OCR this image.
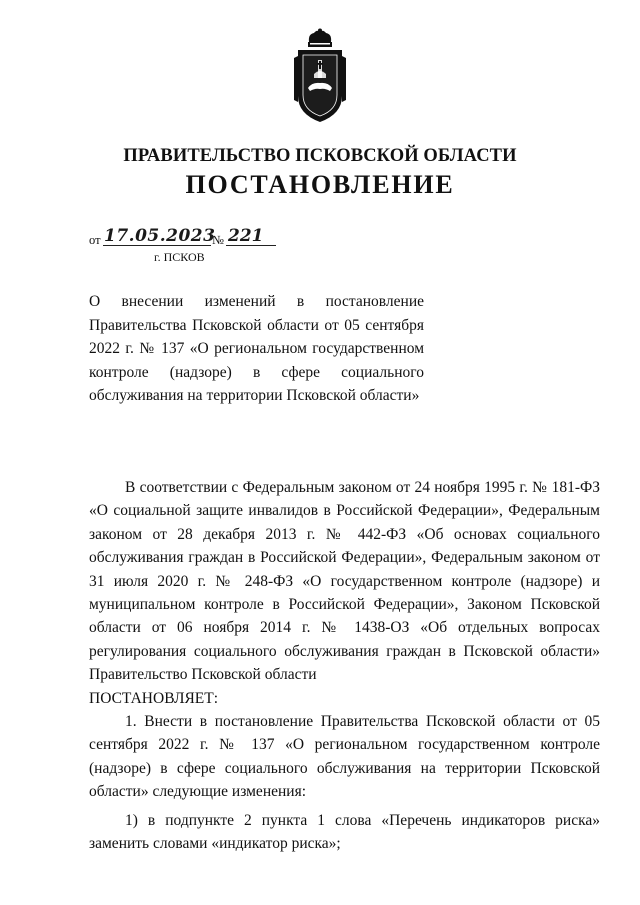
ПРАВИТЕЛЬСТВО ПСКОВСКОЙ ОБЛАСТИ
ПОСТАНОВЛЕНИЕ
от 17.05.2023
№ 221
г. ПСКОВ
О внесении изменений в постановление Правительства Псковской области от 05 сентября 2022 г. № 137 «О региональном государственном контроле (надзоре) в сфере социального обслуживания на территории Псковской области»

В соответствии с Федеральным законом от 24 ноября 1995 г. № 181-ФЗ «О социальной защите инвалидов в Российской Федерации», Федеральным законом от 28 декабря 2013 г. № 442-ФЗ «Об основах социального обслуживания граждан в Российской Федерации», Федеральным законом от 31 июля 2020 г. № 248-ФЗ «О государственном контроле (надзоре) и муниципальном контроле в Российской Федерации», Законом Псковской области от 06 ноября 2014 г. № 1438-ОЗ «Об отдельных вопросах регулирования социального обслуживания граждан в Псковской области» Правительство Псковской области

ПОСТАНОВЛЯЕТ:

1. Внести в постановление Правительства Псковской области от 05 сентября 2022 г. № 137 «О региональном государственном контроле (надзоре) в сфере социального обслуживания на территории Псковской области» следующие изменения:

1) в подпункте 2 пункта 1 слова «Перечень индикаторов риска» заменить словами «индикатор риска»;
